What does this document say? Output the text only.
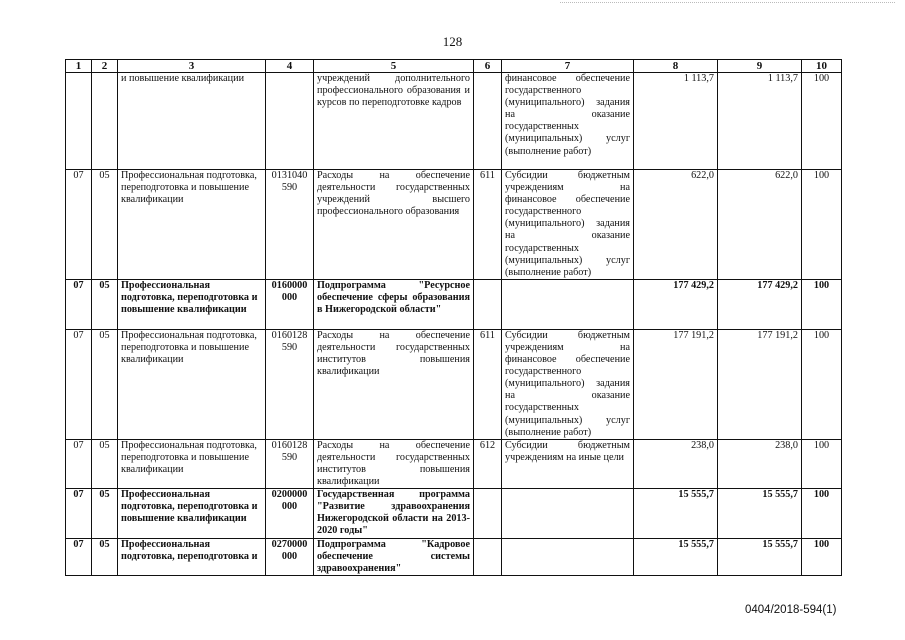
128
1	2	3	4	5	6	7	8	9	10
		и повышение квалификации		учреждений дополнительного профессионального образования и курсов по переподготовке кадров		финансовое обеспечение государственного (муниципального) задания на оказание государственных (муниципальных) услуг (выполнение работ)	1 113,7	1 113,7	100
07	05	Профессиональная подготовка, переподготовка и повышение квалификации	0131040 590	Расходы на обеспечение деятельности государственных учреждений высшего профессионального образования	611	Субсидии бюджетным учреждениям на финансовое обеспечение государственного (муниципального) задания на оказание государственных (муниципальных) услуг (выполнение работ)	622,0	622,0	100
07	05	Профессиональная подготовка, переподготовка и повышение квалификации	0160000 000	Подпрограмма "Ресурсное обеспечение сферы образования в Нижегородской области"			177 429,2	177 429,2	100
07	05	Профессиональная подготовка, переподготовка и повышение квалификации	0160128 590	Расходы на обеспечение деятельности государственных институтов повышения квалификации	611	Субсидии бюджетным учреждениям на финансовое обеспечение государственного (муниципального) задания на оказание государственных (муниципальных) услуг (выполнение работ)	177 191,2	177 191,2	100
07	05	Профессиональная подготовка, переподготовка и повышение квалификации	0160128 590	Расходы на обеспечение деятельности государственных институтов повышения квалификации	612	Субсидии бюджетным учреждениям на иные цели	238,0	238,0	100
07	05	Профессиональная подготовка, переподготовка и повышение квалификации	0200000 000	Государственная программа "Развитие здравоохранения Нижегородской области на 2013-2020 годы"			15 555,7	15 555,7	100
07	05	Профессиональная подготовка, переподготовка и	0270000 000	Подпрограмма "Кадровое обеспечение системы здравоохранения"			15 555,7	15 555,7	100
0404/2018-594(1)
